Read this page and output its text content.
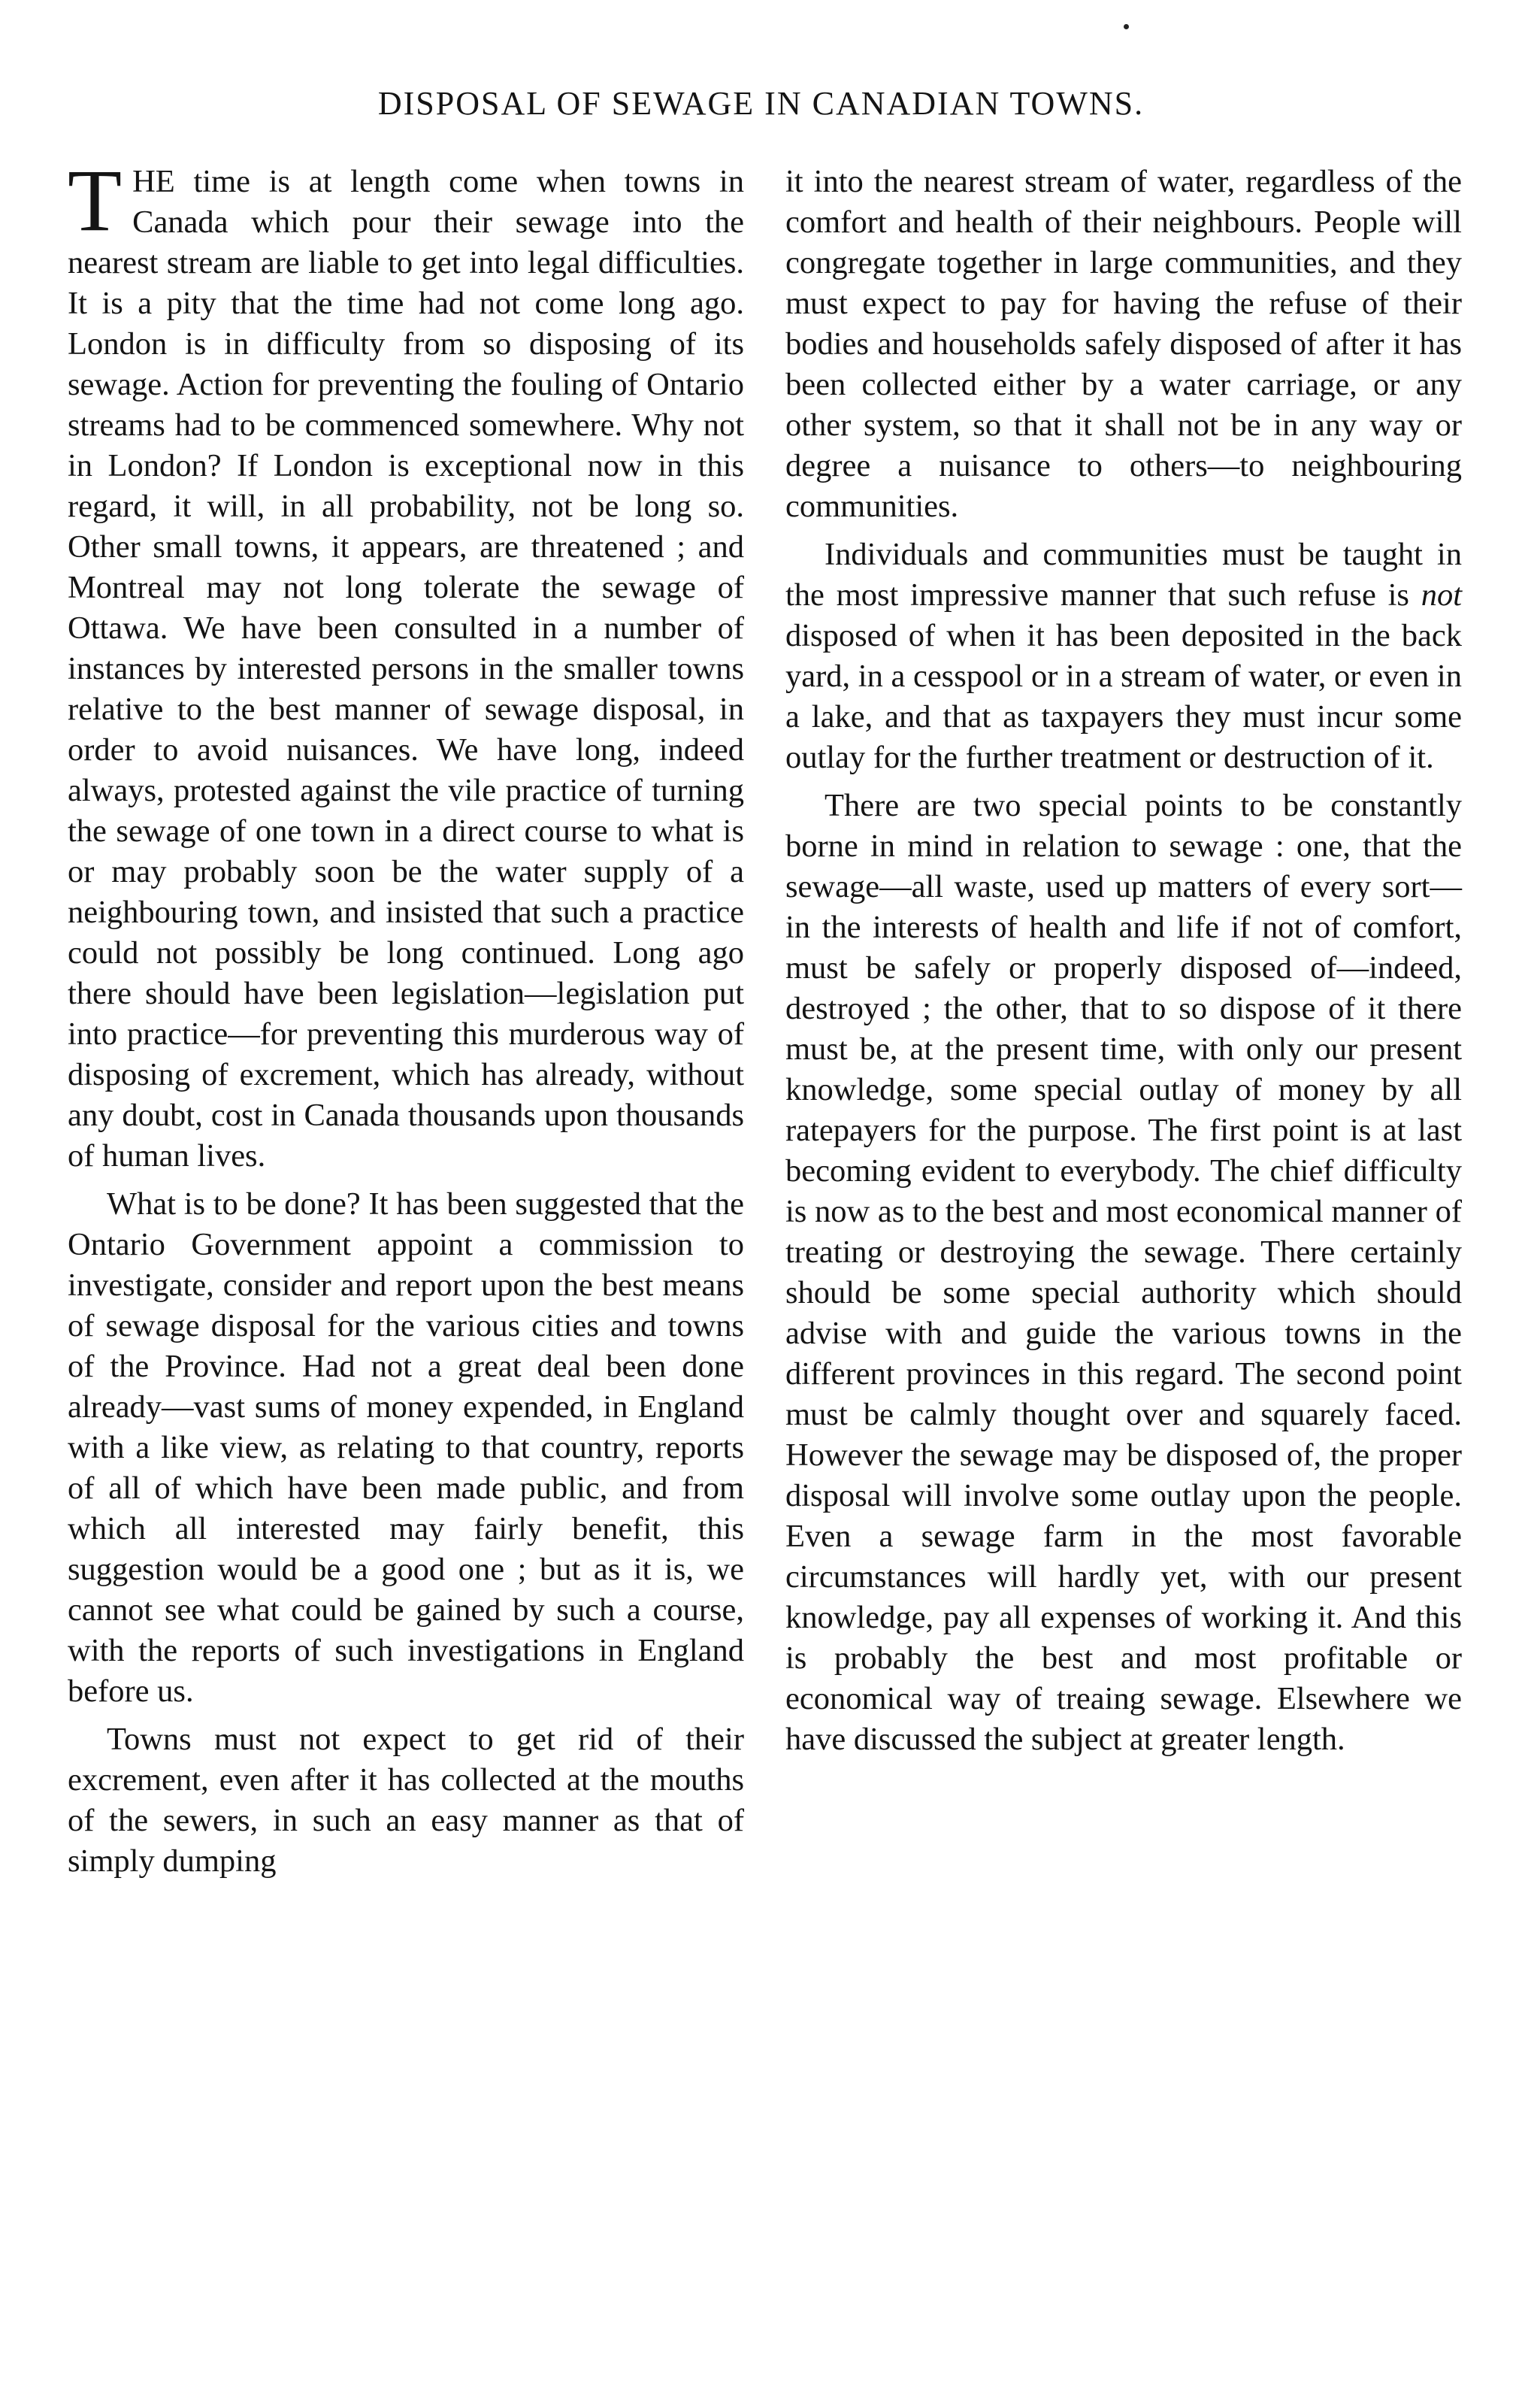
DISPOSAL OF SEWAGE IN CANADIAN TOWNS.

T HE time is at length come when towns in Canada which pour their sewage into the nearest stream are liable to get into legal difficulties. It is a pity that the time had not come long ago. London is in difficulty from so disposing of its sewage. Action for preventing the fouling of Ontario streams had to be commenced somewhere. Why not in London? If London is exceptional now in this regard, it will, in all probability, not be long so. Other small towns, it appears, are threatened ; and Montreal may not long tolerate the sewage of Ottawa. We have been consulted in a number of instances by interested persons in the smaller towns relative to the best manner of sewage disposal, in order to avoid nuisances. We have long, indeed always, protested against the vile practice of turning the sewage of one town in a direct course to what is or may probably soon be the water supply of a neighbouring town, and insisted that such a practice could not possibly be long continued. Long ago there should have been legislation—legislation put into practice—for preventing this murderous way of disposing of excrement, which has already, without any doubt, cost in Canada thousands upon thousands of human lives.

What is to be done? It has been suggested that the Ontario Government appoint a commission to investigate, consider and report upon the best means of sewage disposal for the various cities and towns of the Province. Had not a great deal been done already—vast sums of money expended, in England with a like view, as relating to that country, reports of all of which have been made public, and from which all interested may fairly benefit, this suggestion would be a good one ; but as it is, we cannot see what could be gained by such a course, with the reports of such investigations in England before us.

Towns must not expect to get rid of their excrement, even after it has collected at the mouths of the sewers, in such an easy manner as that of simply dumping

it into the nearest stream of water, regardless of the comfort and health of their neighbours. People will congregate together in large communities, and they must expect to pay for having the refuse of their bodies and households safely disposed of after it has been collected either by a water carriage, or any other system, so that it shall not be in any way or degree a nuisance to others—to neighbouring communities.

Individuals and communities must be taught in the most impressive manner that such refuse is not disposed of when it has been deposited in the back yard, in a cesspool or in a stream of water, or even in a lake, and that as taxpayers they must incur some outlay for the further treatment or destruction of it.

There are two special points to be constantly borne in mind in relation to sewage : one, that the sewage—all waste, used up matters of every sort—in the interests of health and life if not of comfort, must be safely or properly disposed of—indeed, destroyed ; the other, that to so dispose of it there must be, at the present time, with only our present knowledge, some special outlay of money by all ratepayers for the purpose. The first point is at last becoming evident to everybody. The chief difficulty is now as to the best and most economical manner of treating or destroying the sewage. There certainly should be some special authority which should advise with and guide the various towns in the different provinces in this regard. The second point must be calmly thought over and squarely faced. However the sewage may be disposed of, the proper disposal will involve some outlay upon the people. Even a sewage farm in the most favorable circumstances will hardly yet, with our present knowledge, pay all expenses of working it. And this is probably the best and most profitable or economical way of treaing sewage. Elsewhere we have discussed the subject at greater length.
